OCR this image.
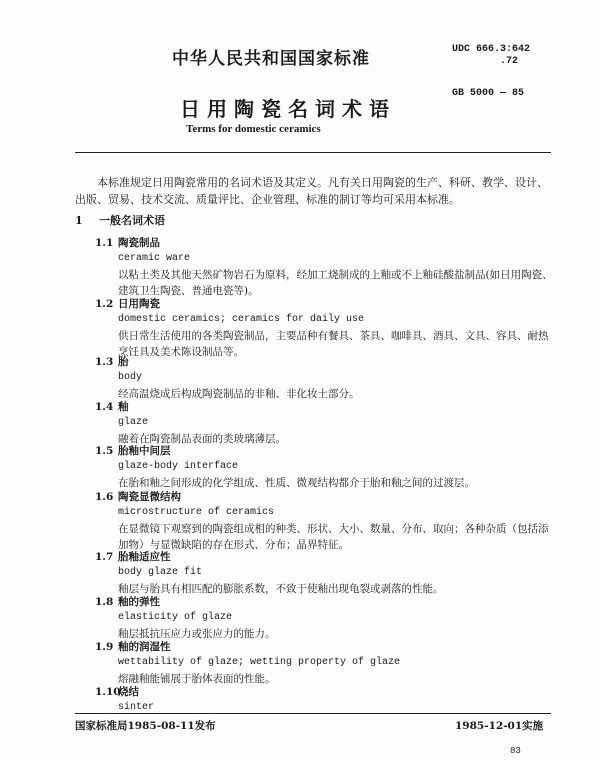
中华人民共和国国家标准	UDC 666.3:642
.72
GB 5000 — 85
日用陶瓷名词术语
Terms for domestic ceramics
本标准规定日用陶瓷常用的名词术语及其定义。凡有关日用陶瓷的生产、科研、教学、设计、出版、贸易、技术交流、质量评比、企业管理、标准的制订等均可采用本标准。
1 一般名词术语
1.1 陶瓷制品
ceramic ware
以粘土类及其他天然矿物岩石为原料，经加工烧制成的上釉或不上釉硅酸盐制品(如日用陶瓷、建筑卫生陶瓷、普通电瓷等)。
1.2 日用陶瓷
domestic ceramics; ceramics for daily use
供日常生活使用的各类陶瓷制品，主要品种有餐具、茶具、咖啡具、酒具、文具、容具、耐热烹饪具及美术陈设制品等。
1.3 胎
body
经高温烧成后构成陶瓷制品的非釉、非化妆土部分。
1.4 釉
glaze
融着在陶瓷制品表面的类玻璃薄层。
1.5 胎釉中间层
glaze-body interface
在胎和釉之间形成的化学组成、性质、微观结构都介于胎和釉之间的过渡层。
1.6 陶瓷显微结构
microstructure of ceramics
在显微镜下观察到的陶瓷组成相的种类、形状、大小、数量、分布、取向；各种杂质（包括添加物）与显微缺陷的存在形式、分布；晶界特征。
1.7 胎釉适应性
body glaze fit
釉层与胎具有相匹配的膨胀系数，不致于使釉出现龟裂或剥落的性能。
1.8 釉的弹性
elasticity of glaze
釉层抵抗压应力或张应力的能力。
1.9 釉的润湿性
wettability of glaze; wetting property of glaze
熔融釉能铺展于胎体表面的性能。
1.10
烧结
sinter
国家标准局1985-08-11发布	1985-12-01实施
83
